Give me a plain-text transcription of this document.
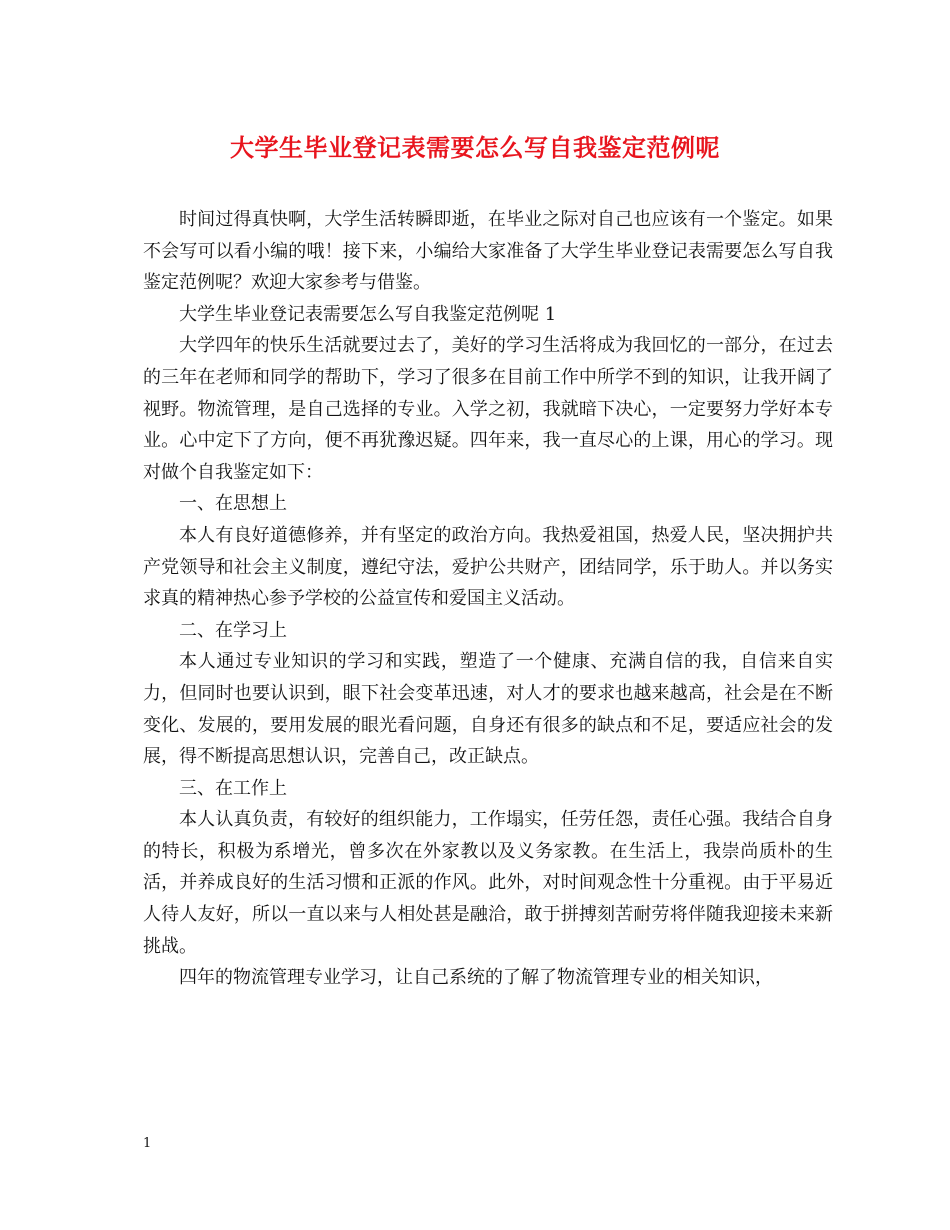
大学生毕业登记表需要怎么写自我鉴定范例呢

时间过得真快啊，大学生活转瞬即逝，在毕业之际对自己也应该有一个鉴定。如果不会写可以看小编的哦！接下来，小编给大家准备了大学生毕业登记表需要怎么写自我鉴定范例呢？欢迎大家参考与借鉴。

大学生毕业登记表需要怎么写自我鉴定范例呢 1

大学四年的快乐生活就要过去了，美好的学习生活将成为我回忆的一部分，在过去的三年在老师和同学的帮助下，学习了很多在目前工作中所学不到的知识，让我开阔了视野。物流管理，是自己选择的专业。入学之初，我就暗下决心，一定要努力学好本专业。心中定下了方向，便不再犹豫迟疑。四年来，我一直尽心的上课，用心的学习。现对做个自我鉴定如下：

一、在思想上

本人有良好道德修养，并有坚定的政治方向。我热爱祖国，热爱人民，坚决拥护共产党领导和社会主义制度，遵纪守法，爱护公共财产，团结同学，乐于助人。并以务实求真的精神热心参予学校的公益宣传和爱国主义活动。

二、在学习上

本人通过专业知识的学习和实践，塑造了一个健康、充满自信的我，自信来自实力，但同时也要认识到，眼下社会变革迅速，对人才的要求也越来越高，社会是在不断变化、发展的，要用发展的眼光看问题，自身还有很多的缺点和不足，要适应社会的发展，得不断提高思想认识，完善自己，改正缺点。

三、在工作上

本人认真负责，有较好的组织能力，工作塌实，任劳任怨，责任心强。我结合自身的特长，积极为系增光，曾多次在外家教以及义务家教。在生活上，我崇尚质朴的生活，并养成良好的生活习惯和正派的作风。此外，对时间观念性十分重视。由于平易近人待人友好，所以一直以来与人相处甚是融洽，敢于拼搏刻苦耐劳将伴随我迎接未来新挑战。

四年的物流管理专业学习，让自己系统的了解了物流管理专业的相关知识，

1
